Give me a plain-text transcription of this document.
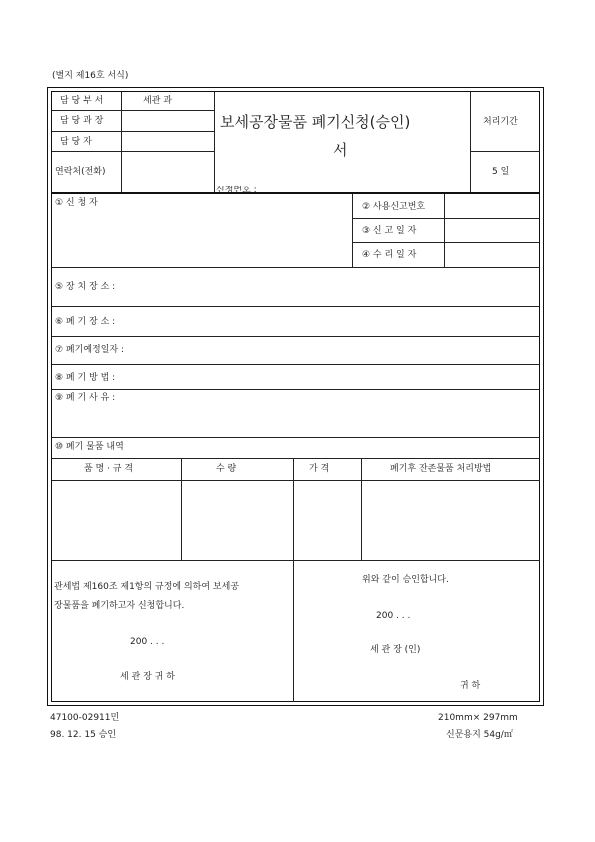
(별지 제16호 서식)
담 당 부 서	세관 과
담 당 과 장
담 당 자
연락처(전화)
보세공장물품 폐기신청(승인)
서
신청번호 :
처리기간
5 일
① 신 청 자	② 사용신고번호
③ 신 고 일 자
④ 수 리 일 자
⑤ 장 치 장 소 :
⑥ 폐 기 장 소 :
⑦ 폐기예정일자 :
⑧ 폐 기 방 법 :
⑨ 폐 기 사 유 :
⑩ 폐기 물품 내역
품 명 · 규 격	수 량	가 격	폐기후 잔존물품 처리방법
관세법 제160조 제1항의 규정에 의하여 보세공
장물품을 폐기하고자 신청합니다.
200 . . .
세 관 장 귀 하
위와 같이 승인합니다.
200 . . .
세 관 장 (인)
귀 하
47100-02911민
98. 12. 15 승인
210mm× 297mm
신문용지 54g/㎡
